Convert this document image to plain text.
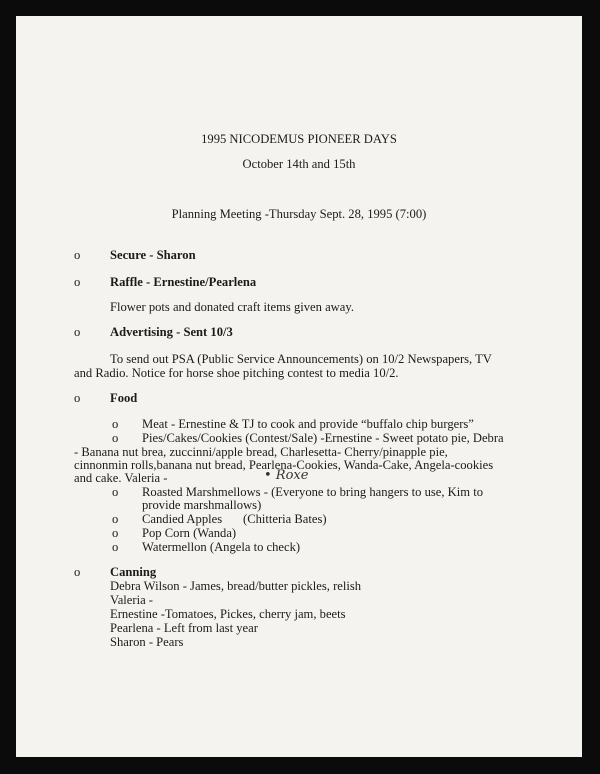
1995 NICODEMUS PIONEER DAYS
October 14th and 15th
Planning Meeting -Thursday Sept. 28, 1995 (7:00)
o Secure - Sharon
o Raffle - Ernestine/Pearlena
Flower pots and donated craft items given away.
o Advertising - Sent 10/3
To send out PSA (Public Service Announcements) on 10/2 Newspapers, TV
and Radio. Notice for horse shoe pitching contest to media 10/2.
o Food
o Meat - Ernestine & TJ to cook and provide “buffalo chip burgers”
o Pies/Cakes/Cookies (Contest/Sale) -Ernestine - Sweet potato pie, Debra
- Banana nut brea, zuccinni/apple bread, Charlesetta- Cherry/pinapple pie,
cinnonmin rolls,banana nut bread, Pearlena-Cookies, Wanda-Cake, Angela-cookies
and cake. Valeria -	• Roxe
o Roasted Marshmellows - (Everyone to bring hangers to use, Kim to
provide marshmallows)
o Candied Apples (Chitteria Bates)
o Pop Corn (Wanda)
o Watermellon (Angela to check)
o Canning
Debra Wilson - James, bread/butter pickles, relish
Valeria -
Ernestine -Tomatoes, Pickes, cherry jam, beets
Pearlena - Left from last year
Sharon - Pears
